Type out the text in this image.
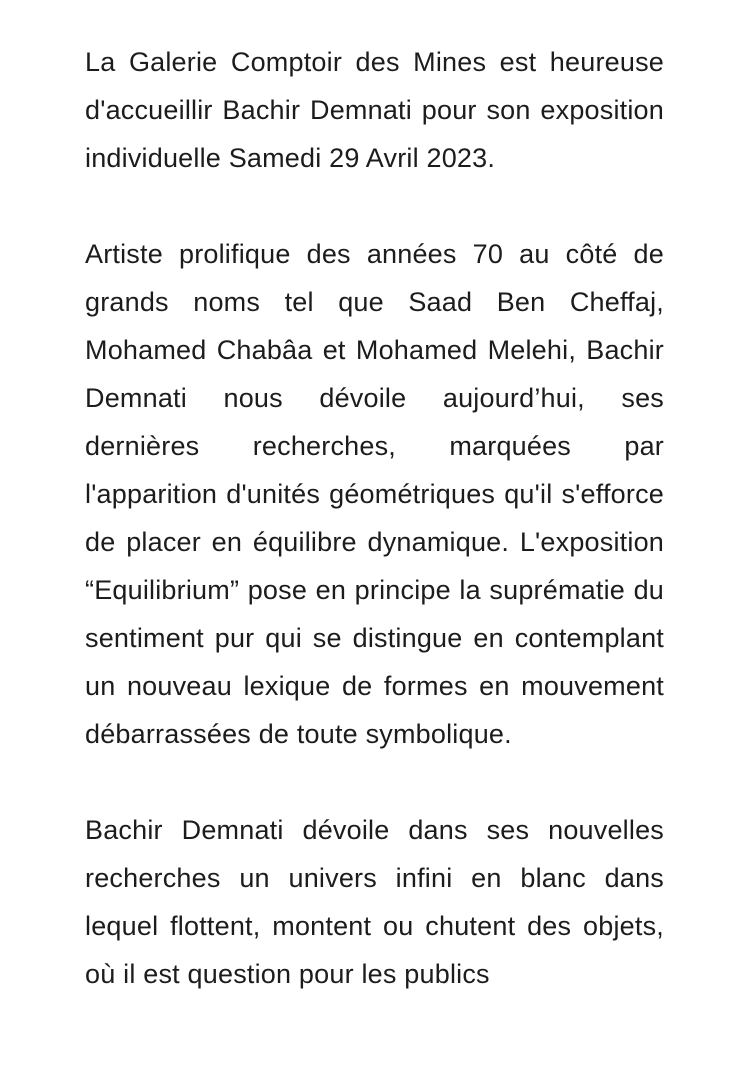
La Galerie Comptoir des Mines est heureuse d'accueillir Bachir Demnati pour son exposition individuelle Samedi 29 Avril 2023.

Artiste prolifique des années 70 au côté de grands noms tel que Saad Ben Cheffaj, Mohamed Chabâa et Mohamed Melehi, Bachir Demnati nous dévoile aujourd’hui, ses dernières recherches, marquées par l'apparition d'unités géométriques qu'il s'efforce de placer en équilibre dynamique. L'exposition “Equilibrium” pose en principe la suprématie du sentiment pur qui se distingue en contemplant un nouveau lexique de formes en mouvement débarrassées de toute symbolique.

Bachir Demnati dévoile dans ses nouvelles recherches un univers infini en blanc dans lequel flottent, montent ou chutent des objets, où il est question pour les publics
